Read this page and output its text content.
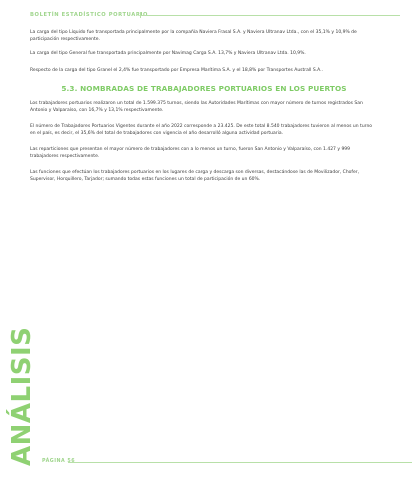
BOLETÍN ESTADÍSTICO PORTUARIO

La carga del tipo Líquido fue transportada principalmente por la compañía Naviera Frasal S.A. y Naviera Ultranav Ltda., con el 35,1% y 10,9% de participación respectivamente.

La carga del tipo General fue transportada principalmente por Navimag Carga S.A. 13,7% y Naviera Ultranav Ltda. 10,9%.

Respecto de la carga del tipo Granel el 2,4% fue transportado por Empresa Marítima S.A. y el 18,8% por Transportes Australl S.A..

5.3. NOMBRADAS DE TRABAJADORES PORTUARIOS EN LOS PUERTOS

Los trabajadores portuarios realizaron un total de 1.599.375 turnos, siendo las Autoridades Marítimas con mayor número de turnos registrados San Antonio y Valparaíso, con 16,7% y 13,1% respectivamente.

El número de Trabajadores Portuarios Vigentes durante el año 2022 corresponde a 23.425. De este total 8.540 trabajadores tuvieron al menos un turno en el país, es decir, el 35,6% del total de trabajadores con vigencia el año desarrolló alguna actividad portuaria.

Las reparticiones que presentan el mayor número de trabajadores con a lo menos un turno, fueron San Antonio y Valparaíso, con 1.427 y 999 trabajadores respectivamente.

Las funciones que efectúan los trabajadores portuarios en los lugares de carga y descarga son diversas, destacándose las de Movilizador, Chofer, Supervisor, Horquillero, Tarjador; sumando todas estas funciones un total de participación de un 60%.

ANÁLISIS PÁGINA 56
